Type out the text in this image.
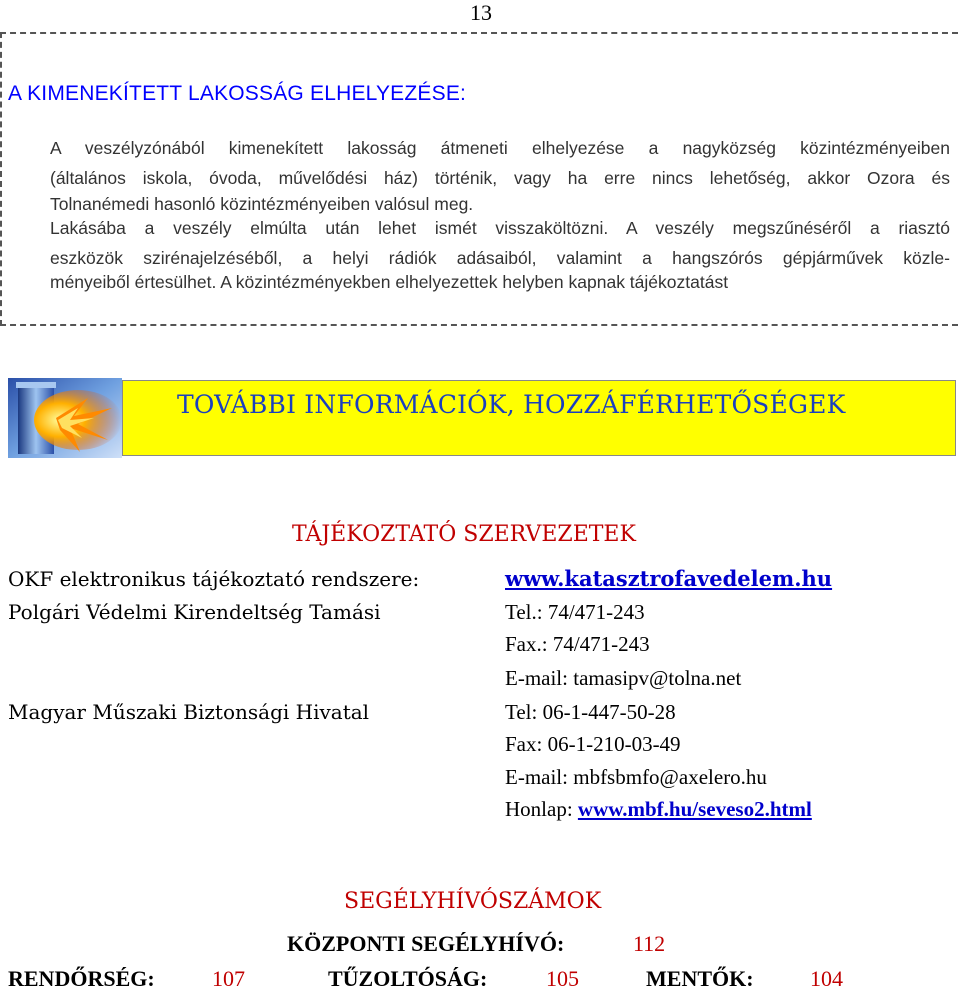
13
A KIMENEKÍTETT LAKOSSÁG ELHELYEZÉSE:
A veszélyzónából kimenekített lakosság átmeneti elhelyezése a nagyközség közintézményeiben
(általános iskola, óvoda, művelődési ház) történik, vagy ha erre nincs lehetőség, akkor Ozora és
Tolnanémedi hasonló közintézményeiben valósul meg.
Lakásába a veszély elmúlta után lehet ismét visszaköltözni. A veszély megszűnéséről a riasztó
eszközök szirénajelzéséből, a helyi rádiók adásaiból, valamint a hangszórós gépjárművek közle-
ményeiből értesülhet. A közintézményekben elhelyezettek helyben kapnak tájékoztatást
TOVÁBBI INFORMÁCIÓK, HOZZÁFÉRHETŐSÉGEK
TÁJÉKOZTATÓ SZERVEZETEK
OKF elektronikus tájékoztató rendszere:	www.katasztrofavedelem.hu
Polgári Védelmi Kirendeltség Tamási	Tel.: 74/471-243
Fax.: 74/471-243
E-mail: tamasipv@tolna.net
Magyar Műszaki Biztonsági Hivatal	Tel: 06-1-447-50-28
Fax: 06-1-210-03-49
E-mail: mbfsbmfo@axelero.hu
Honlap: www.mbf.hu/seveso2.html
SEGÉLYHÍVÓSZÁMOK
KÖZPONTI SEGÉLYHÍVÓ:	112
RENDŐRSÉG:	107	TŰZOLTÓSÁG:	105	MENTŐK:	104
